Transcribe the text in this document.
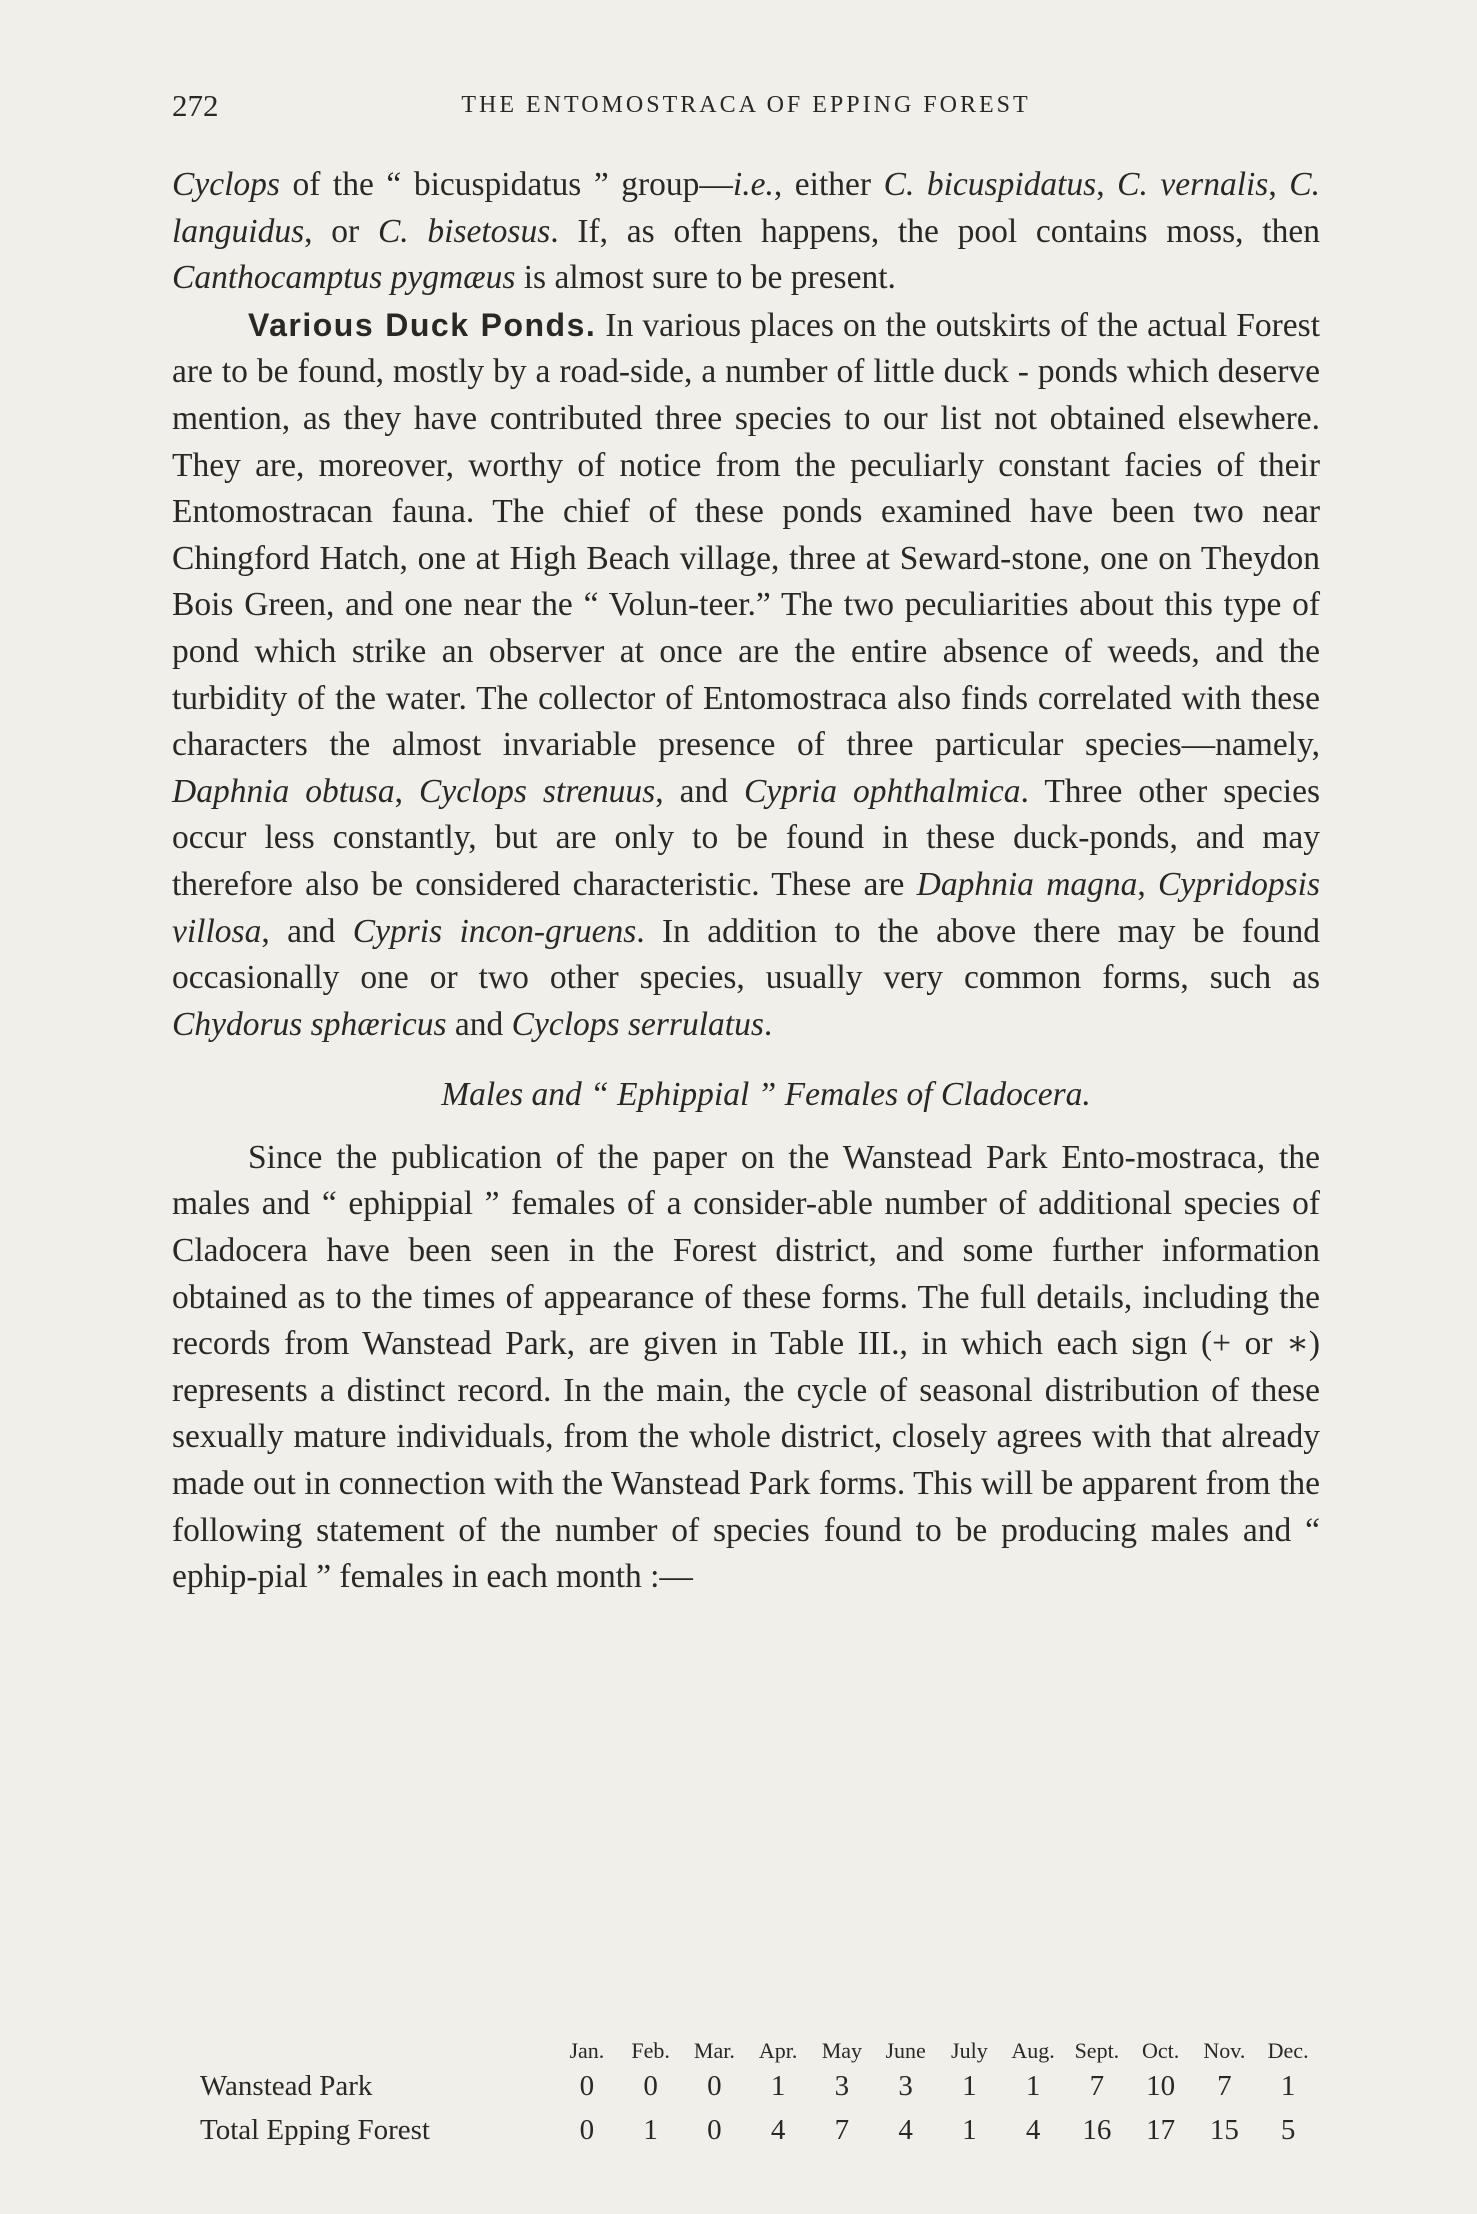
272	THE ENTOMOSTRACA OF EPPING FOREST

Cyclops of the “ bicuspidatus ” group—i.e., either C. bicuspidatus, C. vernalis, C. languidus, or C. bisetosus. If, as often happens, the pool contains moss, then Canthocamptus pygmæus is almost sure to be present.

Various Duck Ponds. In various places on the outskirts of the actual Forest are to be found, mostly by a road-side, a number of little duck - ponds which deserve mention, as they have contributed three species to our list not obtained elsewhere. They are, moreover, worthy of notice from the peculiarly constant facies of their Entomostracan fauna. The chief of these ponds examined have been two near Chingford Hatch, one at High Beach village, three at Seward-stone, one on Theydon Bois Green, and one near the “ Volun-teer.” The two peculiarities about this type of pond which strike an observer at once are the entire absence of weeds, and the turbidity of the water. The collector of Entomostraca also finds correlated with these characters the almost invariable presence of three particular species—namely, Daphnia obtusa, Cyclops strenuus, and Cypria ophthalmica. Three other species occur less constantly, but are only to be found in these duck-ponds, and may therefore also be considered characteristic. These are Daphnia magna, Cypridopsis villosa, and Cypris incon-gruens. In addition to the above there may be found occasionally one or two other species, usually very common forms, such as Chydorus sphæricus and Cyclops serrulatus.

Males and “ Ephippial ” Females of Cladocera.

Since the publication of the paper on the Wanstead Park Ento-mostraca, the males and “ ephippial ” females of a consider-able number of additional species of Cladocera have been seen in the Forest district, and some further information obtained as to the times of appearance of these forms. The full details, including the records from Wanstead Park, are given in Table III., in which each sign (+ or ∗) represents a distinct record. In the main, the cycle of seasonal distribution of these sexually mature individuals, from the whole district, closely agrees with that already made out in connection with the Wanstead Park forms. This will be apparent from the following statement of the number of species found to be producing males and “ ephip-pial ” females in each month :—

	Jan.	Feb.	Mar.	Apr.	May	June	July	Aug.	Sept.	Oct.	Nov.	Dec.
Wanstead Park	0	0	0	1	3	3	1	1	7	10	7	1
Total Epping Forest	0	1	0	4	7	4	1	4	16	17	15	5
